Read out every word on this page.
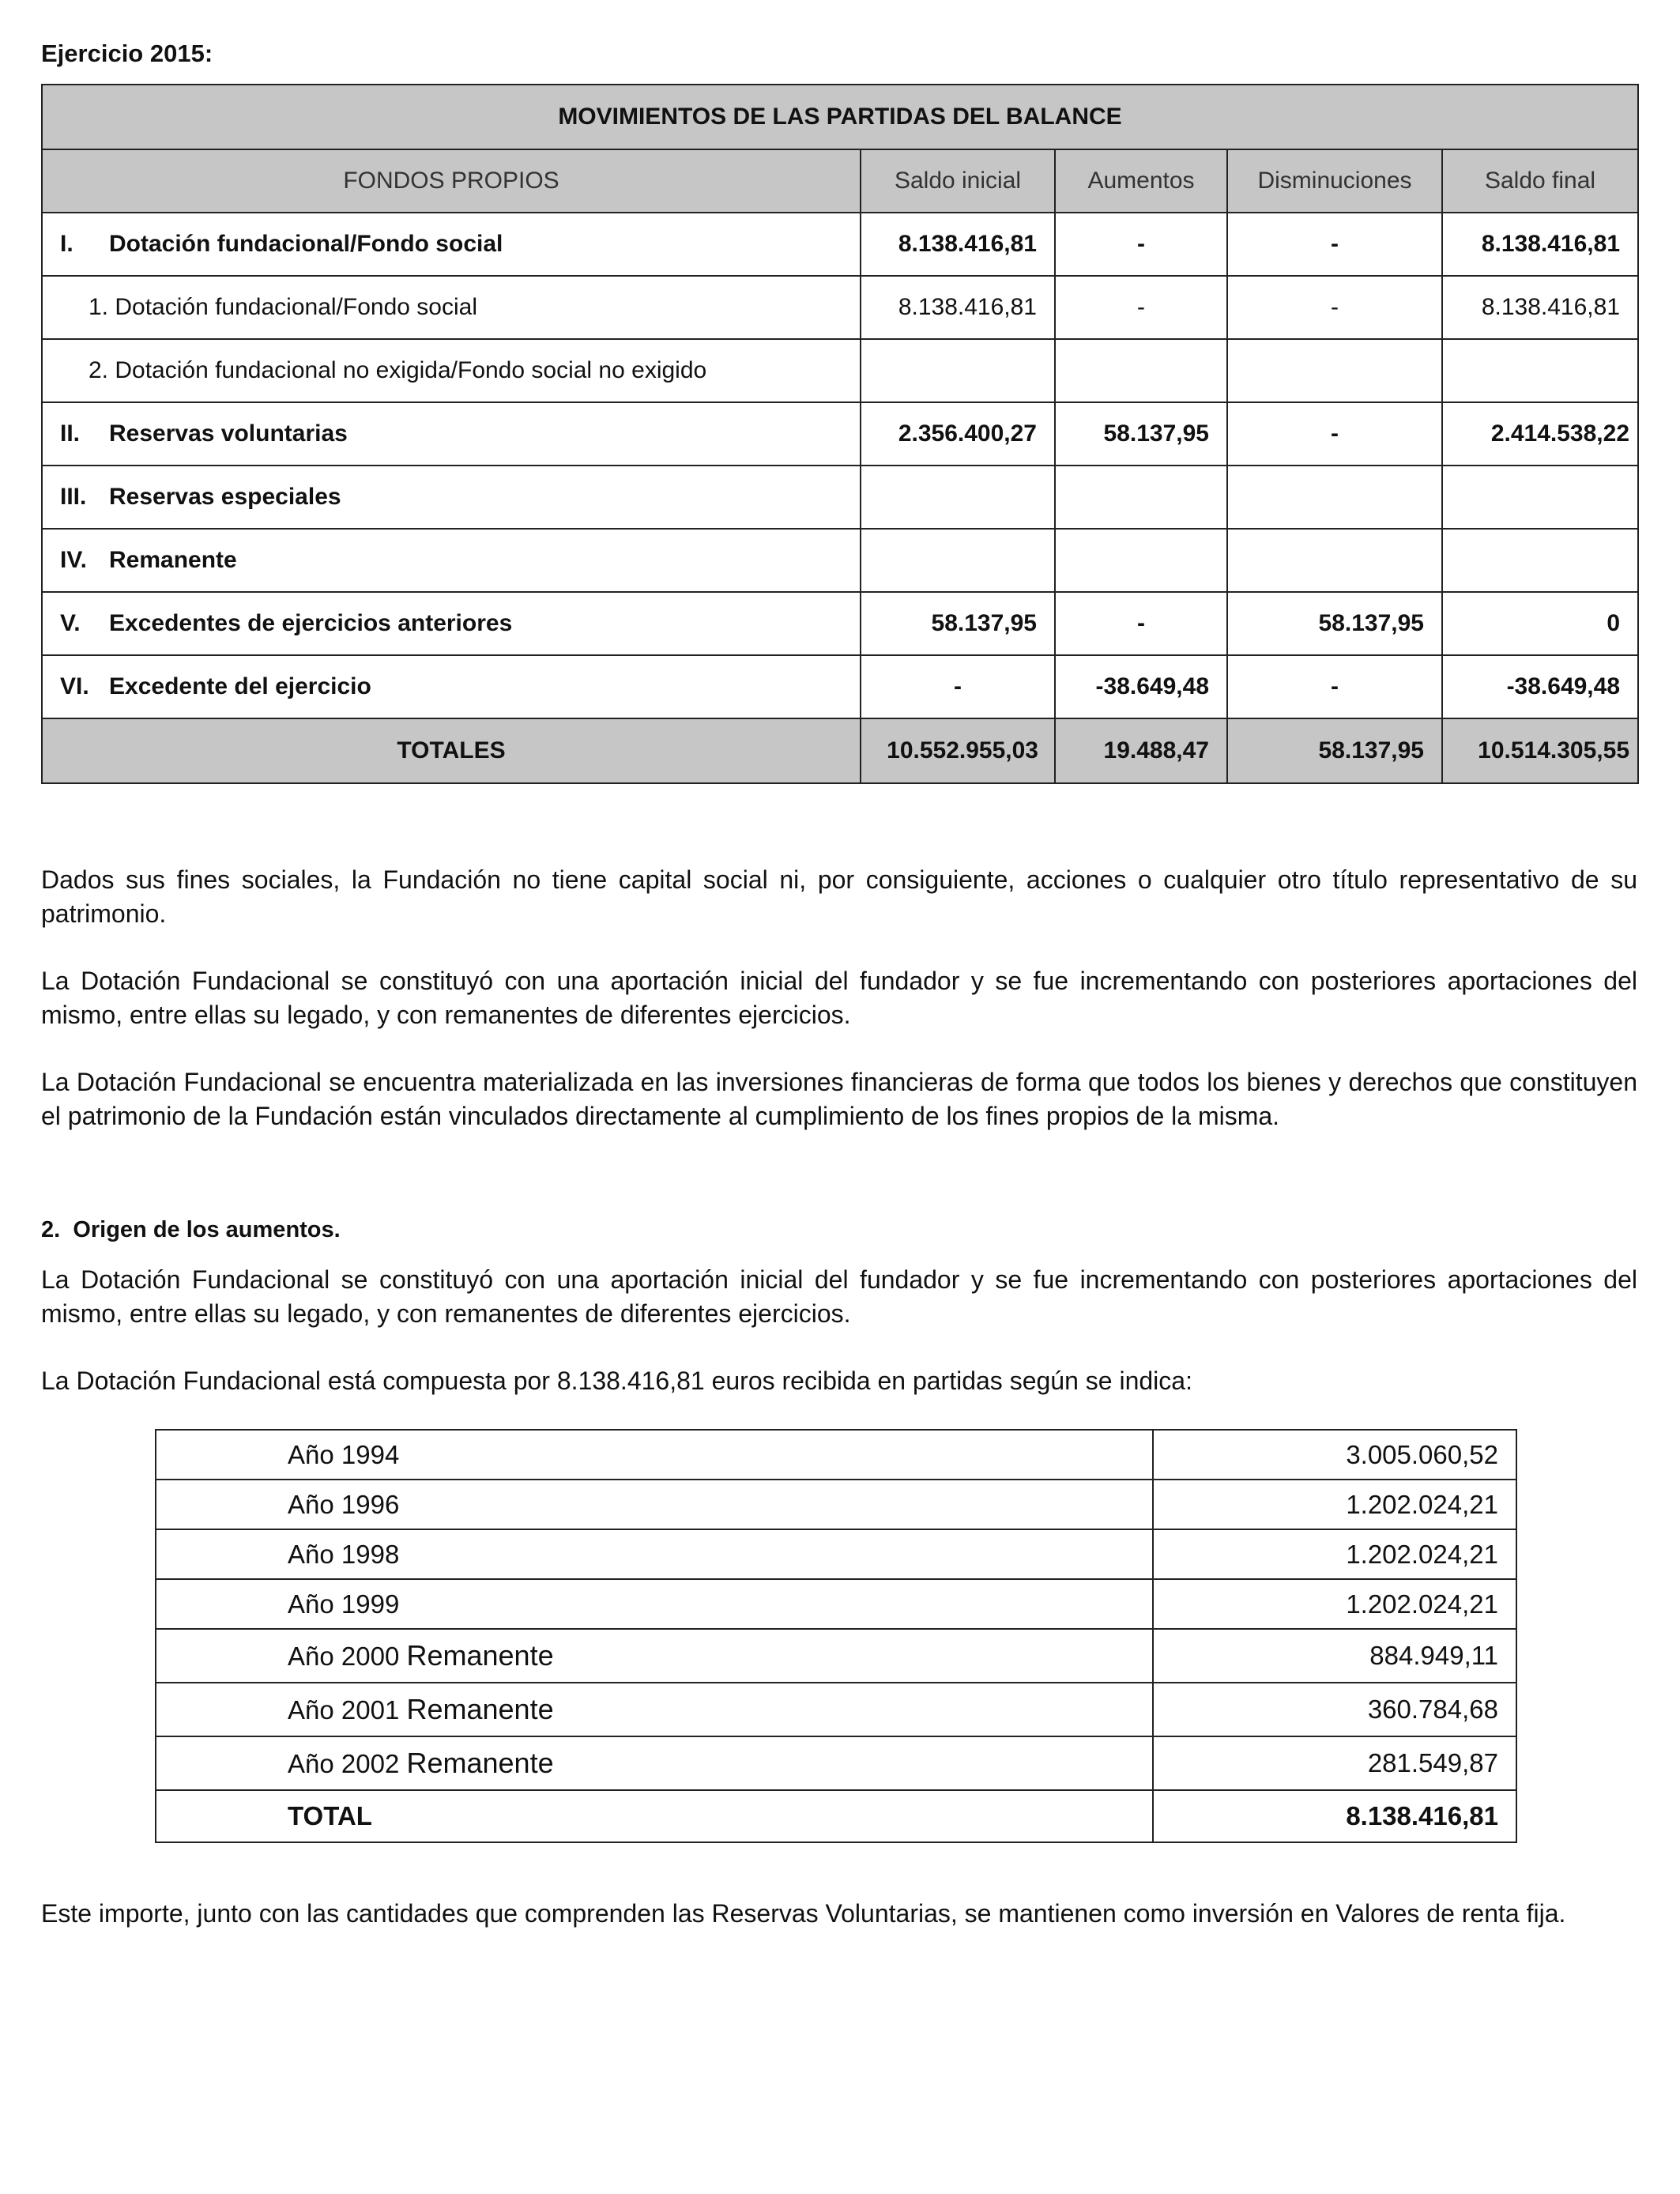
Ejercicio 2015:
MOVIMIENTOS DE LAS PARTIDAS DEL BALANCE				
FONDOS PROPIOS	Saldo inicial	Aumentos	Disminuciones	Saldo final
I. Dotación fundacional/Fondo social	8.138.416,81	-	-	8.138.416,81
1. Dotación fundacional/Fondo social	8.138.416,81	-	-	8.138.416,81
2. Dotación fundacional no exigida/Fondo social no exigido				
II. Reservas voluntarias	2.356.400,27	58.137,95	-	2.414.538,22
III. Reservas especiales				
IV. Remanente				
V. Excedentes de ejercicios anteriores	58.137,95	-	58.137,95	0
VI. Excedente del ejercicio	-	-38.649,48	-	-38.649,48
TOTALES	10.552.955,03	19.488,47	58.137,95	10.514.305,55

Dados sus fines sociales, la Fundación no tiene capital social ni, por consiguiente, acciones o cualquier otro título representativo de su patrimonio.

La Dotación Fundacional se constituyó con una aportación inicial del fundador y se fue incrementando con posteriores aportaciones del mismo, entre ellas su legado, y con remanentes de diferentes ejercicios.

La Dotación Fundacional se encuentra materializada en las inversiones financieras de forma que todos los bienes y derechos que constituyen el patrimonio de la Fundación están vinculados directamente al cumplimiento de los fines propios de la misma.

2. Origen de los aumentos.

La Dotación Fundacional se constituyó con una aportación inicial del fundador y se fue incrementando con posteriores aportaciones del mismo, entre ellas su legado, y con remanentes de diferentes ejercicios.

La Dotación Fundacional está compuesta por 8.138.416,81 euros recibida en partidas según se indica:

Año 1994	3.005.060,52
Año 1996	1.202.024,21
Año 1998	1.202.024,21
Año 1999	1.202.024,21
Año 2000 Remanente	884.949,11
Año 2001 Remanente	360.784,68
Año 2002 Remanente	281.549,87
TOTAL	8.138.416,81

Este importe, junto con las cantidades que comprenden las Reservas Voluntarias, se mantienen como inversión en Valores de renta fija.
